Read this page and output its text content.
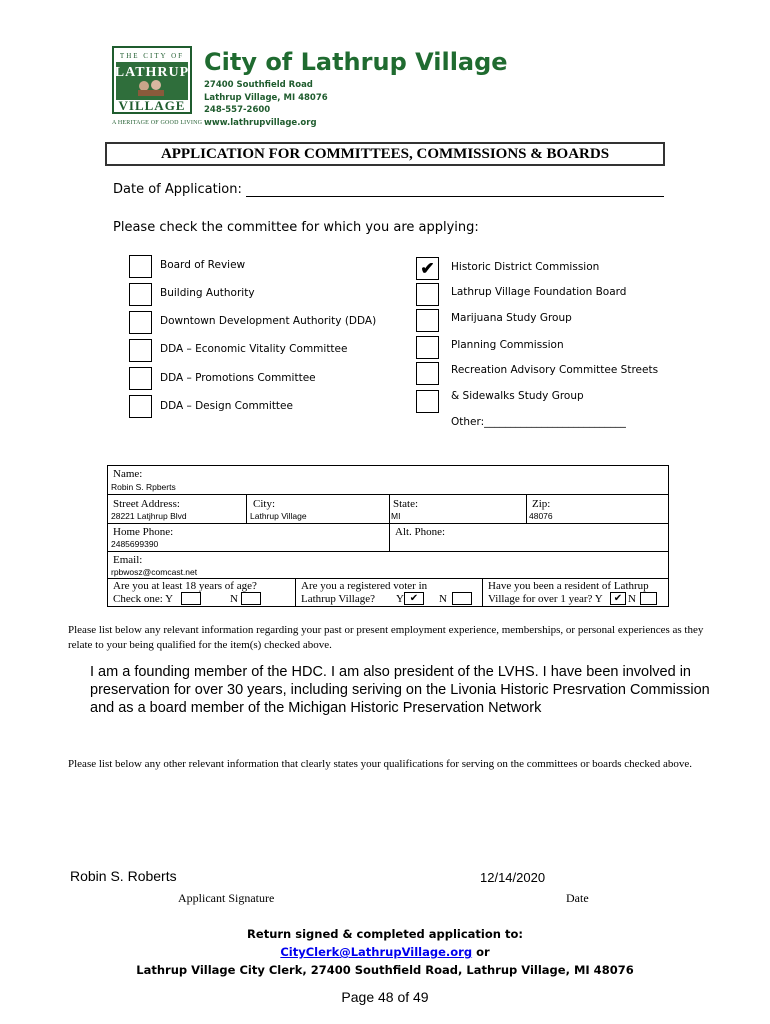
THE CITY OF
LATHRUP
VILLAGE
A HERITAGE OF GOOD LIVING
City of Lathrup Village
27400 Southfield Road
Lathrup Village, MI 48076
248-557-2600
www.lathrupvillage.org
APPLICATION FOR COMMITTEES, COMMISSIONS & BOARDS
Date of Application:
Please check the committee for which you are applying:
Board of Review
Building Authority
Downtown Development Authority (DDA)
DDA – Economic Vitality Committee
DDA – Promotions Committee
DDA – Design Committee
✔	Historic District Commission
Lathrup Village Foundation Board
Marijuana Study Group
Planning Commission
Recreation Advisory Committee Streets
& Sidewalks Study Group
Other:___________________________
Name:
Robin S. Rpberts
Street Address:
28221 Latjhrup Blvd
City:
Lathrup Village
State:
MI
Zip:
48076
Home Phone:
2485699390
Alt. Phone:
Email:
rpbwosz@comcast.net
Are you at least 18 years of age?
Check one: Y	N
Are you a registered voter in
Lathrup Village? Y ✔	N
Have you been a resident of Lathrup
Village for over 1 year? Y	✔ N
Please list below any relevant information regarding your past or present employment experience, memberships, or personal experiences as they relate to your being qualified for the item(s) checked above.
I am a founding member of the HDC. I am also president of the LVHS. I have been involved in preservation for over 30 years, including seriving on the Livonia Historic Presrvation Commission and as a board member of the Michigan Historic Preservation Network
Please list below any other relevant information that clearly states your qualifications for serving on the committees or boards checked above.
Robin S. Roberts	12/14/2020
Applicant Signature	Date
Return signed & completed application to:
CityClerk@LathrupVillage.org or
Lathrup Village City Clerk, 27400 Southfield Road, Lathrup Village, MI 48076
Page 48 of 49
